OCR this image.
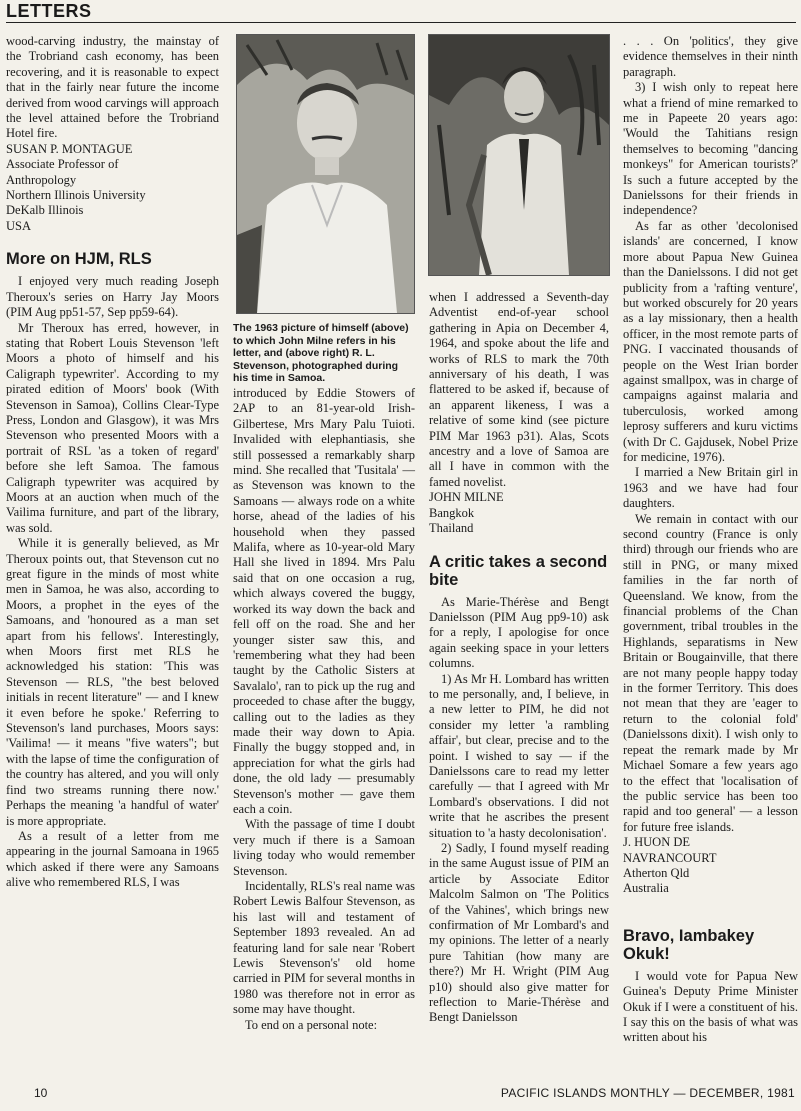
LETTERS

wood-carving industry, the mainstay of the Trobriand cash economy, has been recovering, and it is reasonable to expect that in the fairly near future the income derived from wood carvings will approach the level attained before the Trobriand Hotel fire.

SUSAN P. MONTAGUE

Associate Professor of

Anthropology

Northern Illinois University

DeKalb Illinois

USA

More on HJM, RLS

I enjoyed very much reading Joseph Theroux's series on Harry Jay Moors (PIM Aug pp51-57, Sep pp59-64).

Mr Theroux has erred, however, in stating that Robert Louis Stevenson 'left Moors a photo of himself and his Caligraph typewriter'. According to my pirated edition of Moors' book (With Stevenson in Samoa), Collins Clear-Type Press, London and Glasgow), it was Mrs Stevenson who presented Moors with a portrait of RSL 'as a token of regard' before she left Samoa. The famous Caligraph typewriter was acquired by Moors at an auction when much of the Vailima furniture, and part of the library, was sold.

While it is generally believed, as Mr Theroux points out, that Stevenson cut no great figure in the minds of most white men in Samoa, he was also, according to Moors, a prophet in the eyes of the Samoans, and 'honoured as a man set apart from his fellows'. Interestingly, when Moors first met RLS he acknowledged his station: 'This was Stevenson — RLS, "the best beloved initials in recent literature" — and I knew it even before he spoke.' Referring to Stevenson's land purchases, Moors says: 'Vailima! — it means "five waters"; but with the lapse of time the configuration of the country has altered, and you will only find two streams running there now.' Perhaps the meaning 'a handful of water' is more appropriate.

As a result of a letter from me appearing in the journal Samoana in 1965 which asked if there were any Samoans alive who remembered RLS, I was

The 1963 picture of himself (above) to which John Milne refers in his letter, and (above right) R. L. Stevenson, photographed during his time in Samoa.

introduced by Eddie Stowers of 2AP to an 81-year-old Irish-Gilbertese, Mrs Mary Palu Tuioti. Invalided with elephantiasis, she still possessed a remarkably sharp mind. She recalled that 'Tusitala' — as Stevenson was known to the Samoans — always rode on a white horse, ahead of the ladies of his household when they passed Malifa, where as 10-year-old Mary Hall she lived in 1894. Mrs Palu said that on one occasion a rug, which always covered the buggy, worked its way down the back and fell off on the road. She and her younger sister saw this, and 'remembering what they had been taught by the Catholic Sisters at Savalalo', ran to pick up the rug and proceeded to chase after the buggy, calling out to the ladies as they made their way down to Apia. Finally the buggy stopped and, in appreciation for what the girls had done, the old lady — presumably Stevenson's mother — gave them each a coin.

With the passage of time I doubt very much if there is a Samoan living today who would remember Stevenson.

Incidentally, RLS's real name was Robert Lewis Balfour Stevenson, as his last will and testament of September 1893 revealed. An ad featuring land for sale near 'Robert Lewis Stevenson's' old home carried in PIM for several months in 1980 was therefore not in error as some may have thought.

To end on a personal note:

when I addressed a Seventh-day Adventist end-of-year school gathering in Apia on December 4, 1964, and spoke about the life and works of RLS to mark the 70th anniversary of his death, I was flattered to be asked if, because of an apparent likeness, I was a relative of some kind (see picture PIM Mar 1963 p31). Alas, Scots ancestry and a love of Samoa are all I have in common with the famed novelist.

JOHN MILNE

Bangkok

Thailand

A critic takes a second bite

As Marie-Thérèse and Bengt Danielsson (PIM Aug pp9-10) ask for a reply, I apologise for once again seeking space in your letters columns.

1) As Mr H. Lombard has written to me personally, and, I believe, in a new letter to PIM, he did not consider my letter 'a rambling affair', but clear, precise and to the point. I wished to say — if the Danielssons care to read my letter carefully — that I agreed with Mr Lombard's observations. I did not write that he ascribes the present situation to 'a hasty decolonisation'.

2) Sadly, I found myself reading in the same August issue of PIM an article by Associate Editor Malcolm Salmon on 'The Politics of the Vahines', which brings new confirmation of Mr Lombard's and my opinions. The letter of a nearly pure Tahitian (how many are there?) Mr H. Wright (PIM Aug p10) should also give matter for reflection to Marie-Thérèse and Bengt Danielsson

. . . On 'politics', they give evidence themselves in their ninth paragraph.

3) I wish only to repeat here what a friend of mine remarked to me in Papeete 20 years ago: 'Would the Tahitians resign themselves to becoming "dancing monkeys" for American tourists?' Is such a future accepted by the Danielssons for their friends in independence?

As far as other 'decolonised islands' are concerned, I know more about Papua New Guinea than the Danielssons. I did not get publicity from a 'rafting venture', but worked obscurely for 20 years as a lay missionary, then a health officer, in the most remote parts of PNG. I vaccinated thousands of people on the West Irian border against smallpox, was in charge of campaigns against malaria and tuberculosis, worked among leprosy sufferers and kuru victims (with Dr C. Gajdusek, Nobel Prize for medicine, 1976).

I married a New Britain girl in 1963 and we have had four daughters.

We remain in contact with our second country (France is only third) through our friends who are still in PNG, or many mixed families in the far north of Queensland. We know, from the financial problems of the Chan government, tribal troubles in the Highlands, separatisms in New Britain or Bougainville, that there are not many people happy today in the former Territory. This does not mean that they are 'eager to return to the colonial fold' (Danielssons dixit). I wish only to repeat the remark made by Mr Michael Somare a few years ago to the effect that 'localisation of the public service has been too rapid and too general' — a lesson for future free islands.

J. HUON DE

NAVRANCOURT

Atherton Qld

Australia

Bravo, Iambakey Okuk!

I would vote for Papua New Guinea's Deputy Prime Minister Okuk if I were a constituent of his. I say this on the basis of what was written about his

10	PACIFIC ISLANDS MONTHLY — DECEMBER, 1981
